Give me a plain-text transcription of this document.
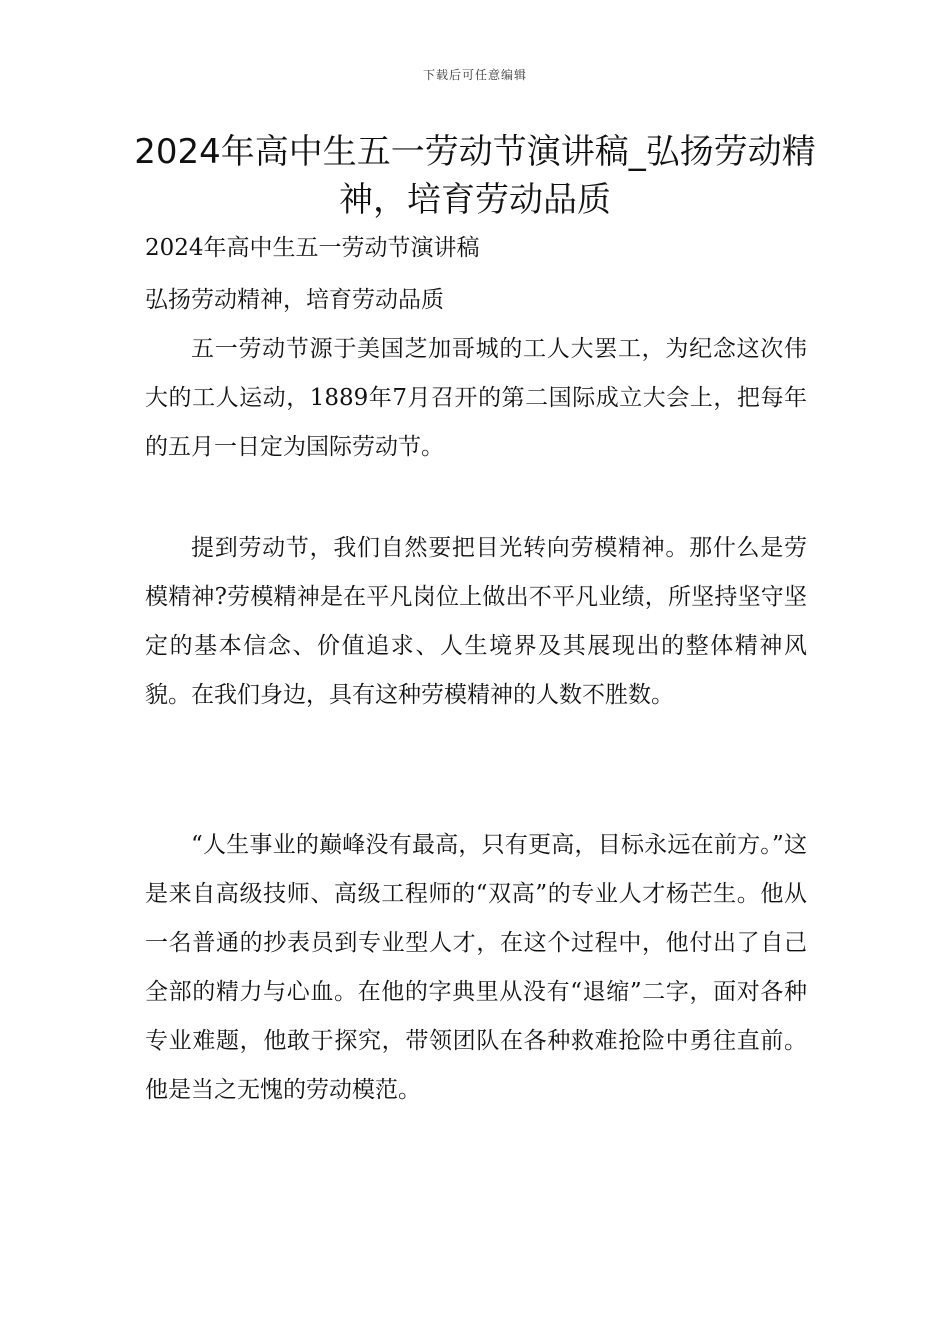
下载后可任意编辑
2024年高中生五一劳动节演讲稿_弘扬劳动精神，培育劳动品质
2024年高中生五一劳动节演讲稿
弘扬劳动精神，培育劳动品质

五一劳动节源于美国芝加哥城的工人大罢工，为纪念这次伟大的工人运动，1889年7月召开的第二国际成立大会上，把每年的五月一日定为国际劳动节。

提到劳动节，我们自然要把目光转向劳模精神。那什么是劳模精神?劳模精神是在平凡岗位上做出不平凡业绩，所坚持坚守坚定的基本信念、价值追求、人生境界及其展现出的整体精神风貌。在我们身边，具有这种劳模精神的人数不胜数。

“人生事业的巅峰没有最高，只有更高，目标永远在前方。”这是来自高级技师、高级工程师的“双高”的专业人才杨芒生。他从一名普通的抄表员到专业型人才，在这个过程中，他付出了自己全部的精力与心血。在他的字典里从没有“退缩”二字，面对各种专业难题，他敢于探究，带领团队在各种救难抢险中勇往直前。他是当之无愧的劳动模范。
